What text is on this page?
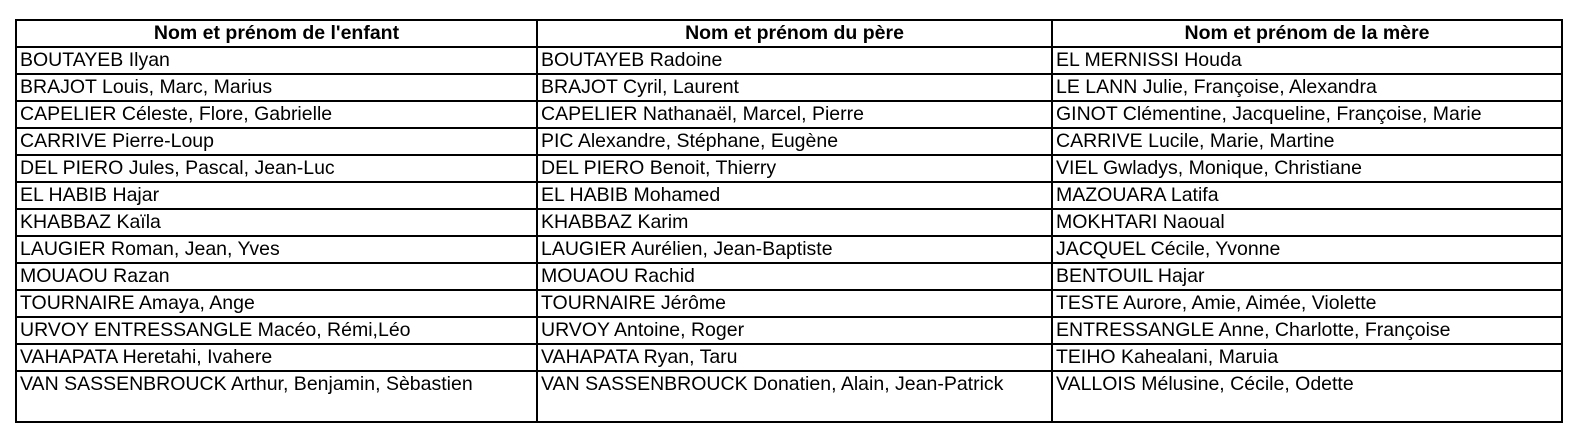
Nom et prénom de l'enfant	Nom et prénom du père	Nom et prénom de la mère
BOUTAYEB Ilyan	BOUTAYEB Radoine	EL MERNISSI Houda
BRAJOT Louis, Marc, Marius	BRAJOT Cyril, Laurent	LE LANN Julie, Françoise, Alexandra
CAPELIER Céleste, Flore, Gabrielle	CAPELIER Nathanaël, Marcel, Pierre	GINOT Clémentine, Jacqueline, Françoise, Marie
CARRIVE Pierre-Loup	PIC Alexandre, Stéphane, Eugène	CARRIVE Lucile, Marie, Martine
DEL PIERO Jules, Pascal, Jean-Luc	DEL PIERO Benoit, Thierry	VIEL Gwladys, Monique, Christiane
EL HABIB Hajar	EL HABIB Mohamed	MAZOUARA Latifa
KHABBAZ Kaïla	KHABBAZ Karim	MOKHTARI Naoual
LAUGIER Roman, Jean, Yves	LAUGIER Aurélien, Jean-Baptiste	JACQUEL Cécile, Yvonne
MOUAOU Razan	MOUAOU Rachid	BENTOUIL Hajar
TOURNAIRE Amaya, Ange	TOURNAIRE Jérôme	TESTE Aurore, Amie, Aimée, Violette
URVOY ENTRESSANGLE Macéo, Rémi,Léo	URVOY Antoine, Roger	ENTRESSANGLE Anne, Charlotte, Françoise
VAHAPATA Heretahi, Ivahere	VAHAPATA Ryan, Taru	TEIHO Kahealani, Maruia
VAN SASSENBROUCK Arthur, Benjamin, Sèbastien	VAN SASSENBROUCK Donatien, Alain, Jean-Patrick	VALLOIS Mélusine, Cécile, Odette
